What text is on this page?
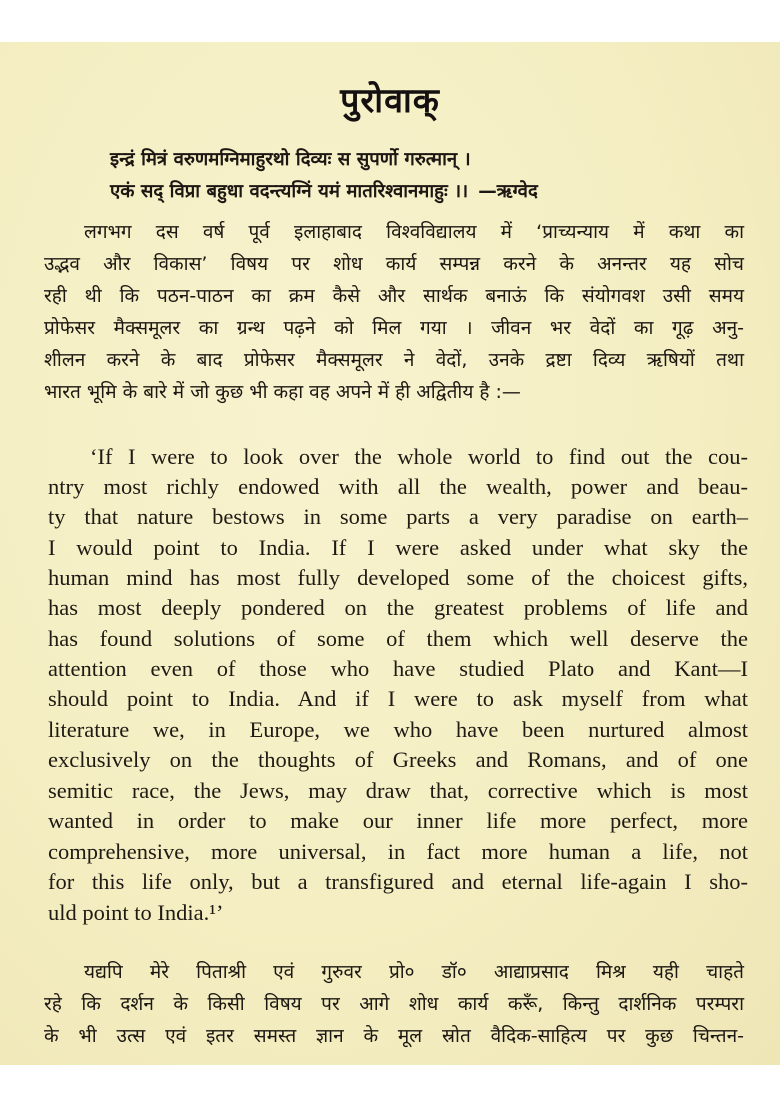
पुरोवाक्
इन्द्रं मित्रं वरुणमग्निमाहुरथो दिव्यः स सुपर्णो गरुत्मान् ।
एकं सद् विप्रा बहुधा वदन्त्यग्निं यमं मातरिश्वानमाहुः ।। —ऋग्वेद
लगभग दस वर्ष पूर्व इलाहाबाद विश्वविद्यालय में ‘प्राच्यन्याय में कथा का
उद्भव और विकास’ विषय पर शोध कार्य सम्पन्न करने के अनन्तर यह सोच
रही थी कि पठन-पाठन का क्रम कैसे और सार्थक बनाऊं कि संयोगवश उसी समय
प्रोफेसर मैक्समूलर का ग्रन्थ पढ़ने को मिल गया । जीवन भर वेदों का गूढ़ अनु-
शीलन करने के बाद प्रोफेसर मैक्समूलर ने वेदों, उनके द्रष्टा दिव्य ऋषियों तथा
भारत भूमि के बारे में जो कुछ भी कहा वह अपने में ही अद्वितीय है :—
‘If I were to look over the whole world to find out the cou-
ntry most richly endowed with all the wealth, power and beau-
ty that nature bestows in some parts a very paradise on earth–
I would point to India. If I were asked under what sky the
human mind has most fully developed some of the choicest gifts,
has most deeply pondered on the greatest problems of life and
has found solutions of some of them which well deserve the
attention even of those who have studied Plato and Kant—I
should point to India. And if I were to ask myself from what
literature we, in Europe, we who have been nurtured almost
exclusively on the thoughts of Greeks and Romans, and of one
semitic race, the Jews, may draw that, corrective which is most
wanted in order to make our inner life more perfect, more
comprehensive, more universal, in fact more human a life, not
for this life only, but a transfigured and eternal life-again I sho-
uld point to India.¹’
यद्यपि मेरे पिताश्री एवं गुरुवर प्रो० डॉ० आद्याप्रसाद मिश्र यही चाहते
रहे कि दर्शन के किसी विषय पर आगे शोध कार्य करूँ, किन्तु दार्शनिक परम्परा
के भी उत्स एवं इतर समस्त ज्ञान के मूल स्रोत वैदिक-साहित्य पर कुछ चिन्तन-
